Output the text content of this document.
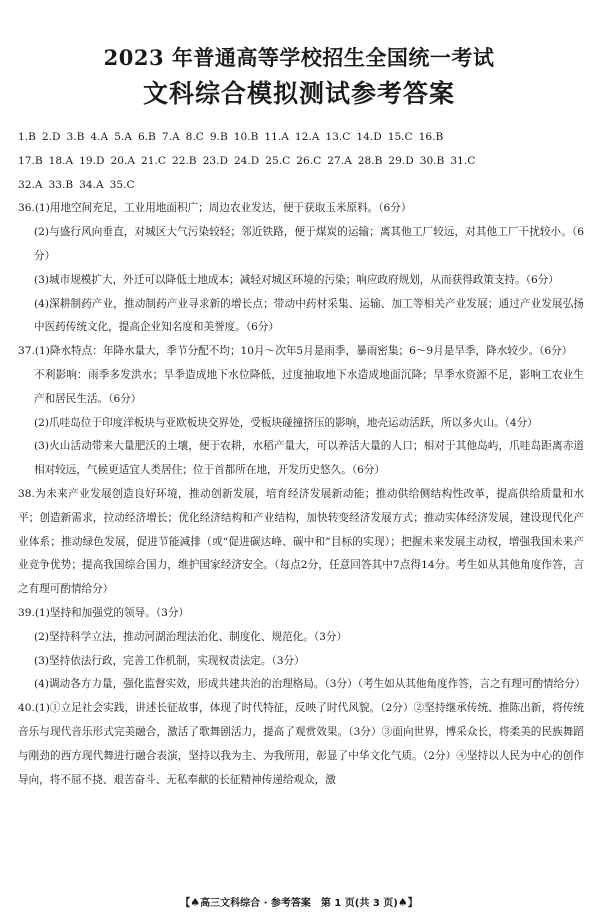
2023 年普通高等学校招生全国统一考试
文科综合模拟测试参考答案
1.B 2.D 3.B 4.A 5.A 6.B 7.A 8.C 9.B 10.B 11.A 12.A 13.C 14.D 15.C 16.B
17.B 18.A 19.D 20.A 21.C 22.B 23.D 24.D 25.C 26.C 27.A 28.B 29.D 30.B 31.C
32.A 33.B 34.A 35.C
36.(1)用地空间充足，工业用地面积广；周边农业发达，便于获取玉米原料。（6分）
(2)与盛行风向垂直，对城区大气污染较轻；邻近铁路，便于煤炭的运输；离其他工厂较远，对其他工厂干扰较小。（6分）
(3)城市规模扩大，外迁可以降低土地成本；减轻对城区环境的污染；响应政府规划，从而获得政策支持。（6分）
(4)深耕制药产业，推动制药产业寻求新的增长点；带动中药材采集、运输、加工等相关产业发展；通过产业发展弘扬中医药传统文化，提高企业知名度和美誉度。（6分）
37.(1)降水特点：年降水量大，季节分配不均；10月～次年5月是雨季，暴雨密集；6～9月是旱季，降水较少。（6分）
不利影响：雨季多发洪水；旱季造成地下水位降低，过度抽取地下水造成地面沉降；旱季水资源不足，影响工农业生产和居民生活。（6分）
(2)爪哇岛位于印度洋板块与亚欧板块交界处，受板块碰撞挤压的影响，地壳运动活跃，所以多火山。（4分）
(3)火山活动带来大量肥沃的土壤，便于农耕，水稻产量大，可以养活大量的人口；相对于其他岛屿，爪哇岛距离赤道相对较远，气候更适宜人类居住；位于首都所在地，开发历史悠久。（6分）
38.为未来产业发展创造良好环境，推动创新发展，培育经济发展新动能；推动供给侧结构性改革，提高供给质量和水平；创造新需求，拉动经济增长；优化经济结构和产业结构，加快转变经济发展方式；推动实体经济发展，建设现代化产业体系；推动绿色发展，促进节能减排（或“促进碳达峰、碳中和”目标的实现）；把握未来发展主动权，增强我国未来产业竞争优势；提高我国综合国力，维护国家经济安全。（每点2分，任意回答其中7点得14分。考生如从其他角度作答，言之有理可酌情给分）
39.(1)坚持和加强党的领导。（3分）
(2)坚持科学立法，推动河湖治理法治化、制度化、规范化。（3分）
(3)坚持依法行政，完善工作机制，实现权责法定。（3分）
(4)调动各方力量，强化监督实效，形成共建共治的治理格局。（3分）（考生如从其他角度作答，言之有理可酌情给分）
40.(1)①立足社会实践，讲述长征故事，体现了时代特征，反映了时代风貌。（2分）②坚持继承传统、推陈出新，将传统音乐与现代音乐形式完美融合，激活了歌舞剧活力，提高了观赏效果。（3分）③面向世界，博采众长，将柔美的民族舞蹈与刚劲的西方现代舞进行融合表演，坚持以我为主、为我所用，彰显了中华文化气质。（2分）④坚持以人民为中心的创作导向，将不屈不挠、艰苦奋斗、无私奉献的长征精神传递给观众，激
【♠高三文科综合 · 参考答案　第 1 页(共 3 页)♠】
